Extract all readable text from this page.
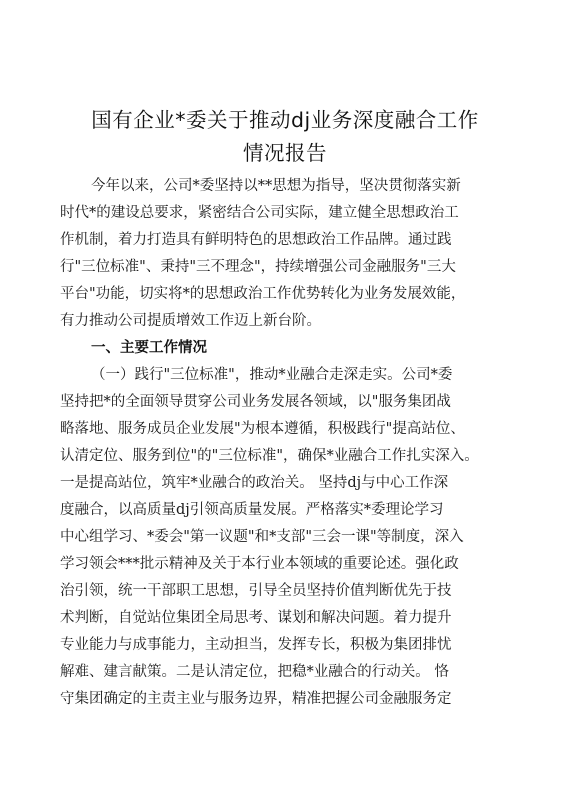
国有企业*委关于推动dj业务深度融合工作
情况报告
今年以来，公司*委坚持以**思想为指导，坚决贯彻落实新
时代*的建设总要求，紧密结合公司实际，建立健全思想政治工
作机制，着力打造具有鲜明特色的思想政治工作品牌。通过践
行"三位标准"、秉持"三不理念"，持续增强公司金融服务"三大
平台"功能，切实将*的思想政治工作优势转化为业务发展效能，
有力推动公司提质增效工作迈上新台阶。
一、主要工作情况
（一）践行"三位标准"，推动*业融合走深走实。公司*委
坚持把*的全面领导贯穿公司业务发展各领域，以"服务集团战
略落地、服务成员企业发展"为根本遵循，积极践行"提高站位、
认清定位、服务到位"的"三位标准"，确保*业融合工作扎实深入。
一是提高站位，筑牢*业融合的政治关。 坚持dj与中心工作深
度融合，以高质量dj引领高质量发展。严格落实*委理论学习
中心组学习、*委会"第一议题"和*支部"三会一课"等制度，深入
学习领会***批示精神及关于本行业本领域的重要论述。强化政
治引领，统一干部职工思想，引导全员坚持价值判断优先于技
术判断，自觉站位集团全局思考、谋划和解决问题。着力提升
专业能力与成事能力，主动担当，发挥专长，积极为集团排忧
解难、建言献策。二是认清定位，把稳*业融合的行动关。 恪
守集团确定的主责主业与服务边界，精准把握公司金融服务定
